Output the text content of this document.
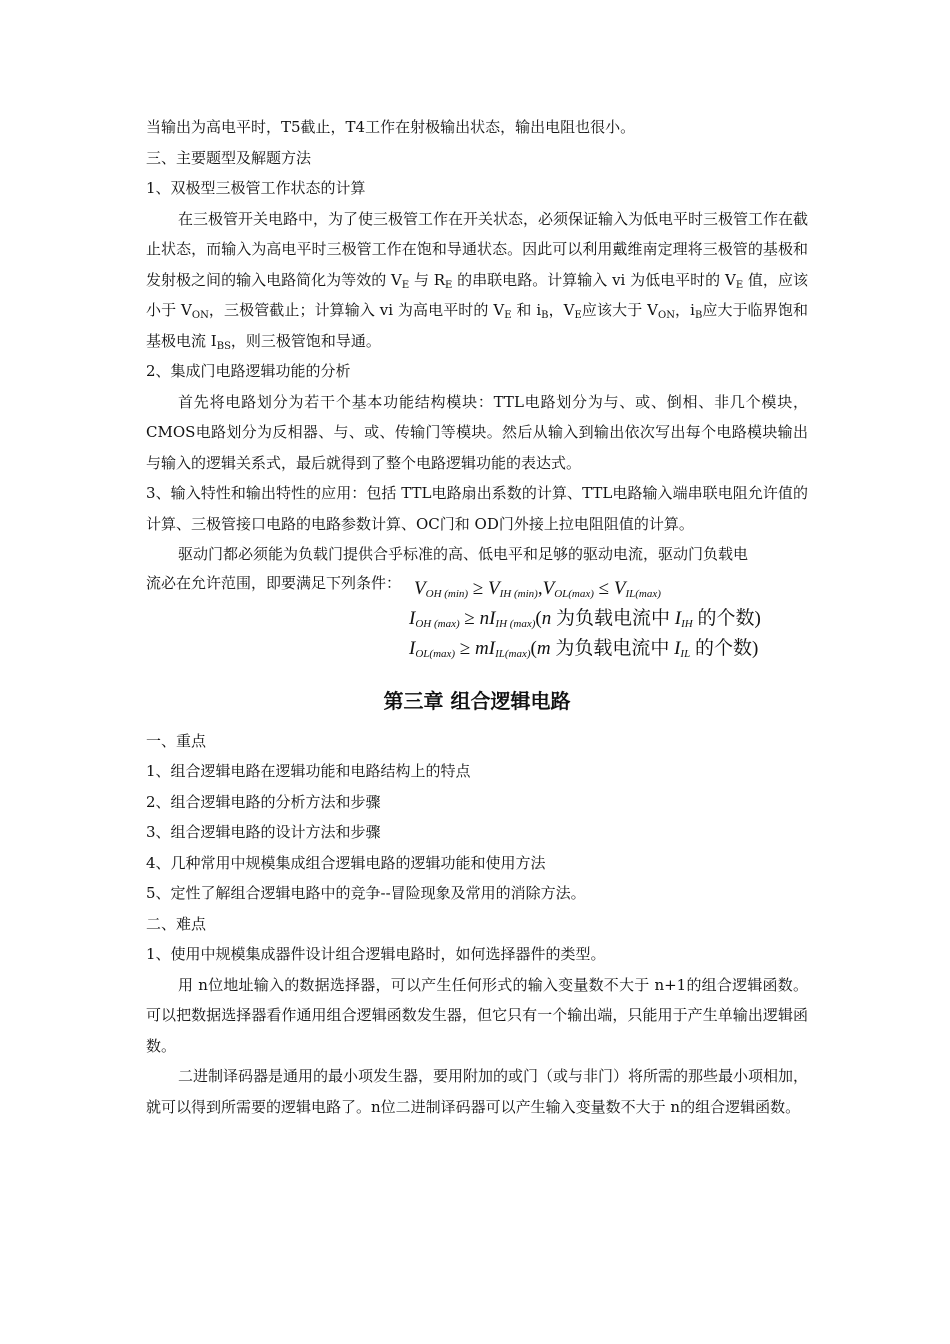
当输出为高电平时，T5截止，T4工作在射极输出状态，输出电阻也很小。

三、主要题型及解题方法

1、双极型三极管工作状态的计算

在三极管开关电路中，为了使三极管工作在开关状态，必须保证输入为低电平时三极管工作在截止状态，而输入为高电平时三极管工作在饱和导通状态。因此可以利用戴维南定理将三极管的基极和发射极之间的输入电路简化为等效的 $V_E$ 与 $R_E$ 的串联电路。计算输入 vi 为低电平时的 $V_E$ 值，应该小于 $V_{ON}$，三极管截止；计算输入 vi 为高电平时的 $V_E$ 和 $i_B$，$V_E$应该大于 $V_{ON}$，$i_B$应大于临界饱和基极电流 $I_{BS}$，则三极管饱和导通。

2、集成门电路逻辑功能的分析

首先将电路划分为若干个基本功能结构模块：TTL电路划分为与、或、倒相、非几个模块，CMOS电路划分为反相器、与、或、传输门等模块。然后从输入到输出依次写出每个电路模块输出与输入的逻辑关系式，最后就得到了整个电路逻辑功能的表达式。

3、输入特性和输出特性的应用：包括 TTL电路扇出系数的计算、TTL电路输入端串联电阻允许值的计算、三极管接口电路的电路参数计算、OC门和 OD门外接上拉电阻阻值的计算。

驱动门都必须能为负载门提供合乎标准的高、低电平和足够的驱动电流，驱动门负载电

流必在允许范围，即要满足下列条件： $V_{OH (min)} \ge V_{IH (min)},V_{OL(max)} \le V_{IL(max)}$
$I_{OH (max)} \ge nI_{IH (max)}(n$ 为负载电流中 $I_{IH}$ 的个数)
$I_{OL(max)} \ge mI_{IL(max)}(m$ 为负载电流中 $I_{IL}$ 的个数)
第三章 组合逻辑电路

一、重点

1、组合逻辑电路在逻辑功能和电路结构上的特点

2、组合逻辑电路的分析方法和步骤

3、组合逻辑电路的设计方法和步骤

4、几种常用中规模集成组合逻辑电路的逻辑功能和使用方法

5、定性了解组合逻辑电路中的竞争--冒险现象及常用的消除方法。

二、难点

1、使用中规模集成器件设计组合逻辑电路时，如何选择器件的类型。

用 n位地址输入的数据选择器，可以产生任何形式的输入变量数不大于 n+1的组合逻辑函数。可以把数据选择器看作通用组合逻辑函数发生器，但它只有一个输出端，只能用于产生单输出逻辑函数。

二进制译码器是通用的最小项发生器，要用附加的或门（或与非门）将所需的那些最小项相加，就可以得到所需要的逻辑电路了。n位二进制译码器可以产生输入变量数不大于 n的组合逻辑函数。
